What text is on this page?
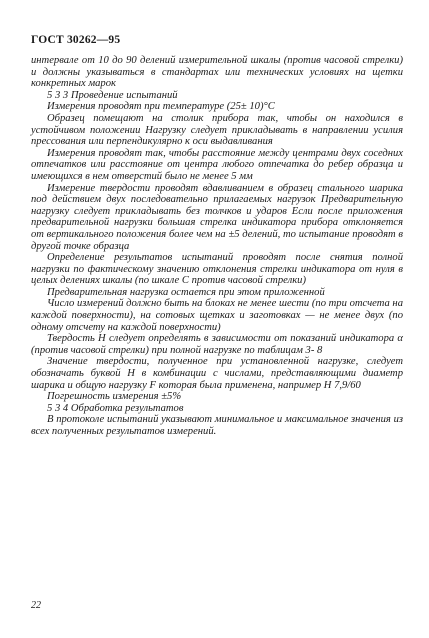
ГОСТ 30262—95

интервале от 10 до 90 делений измерительной шкалы (против часовой стрелки) и должны указываться в стандартах или технических условиях на щетки конкретных марок

5 3 3 Проведение испытаний

Измерения проводят при температуре (25± 10)°С

Образец помещают на столик прибора так, чтобы он находился в устойчивом положении Нагрузку следует прикладывать в направлении усилия прессования или перпендикулярно к оси выдавливания

Измерения проводят так, чтобы расстояние между центрами двух соседних отпечатков или расстояние от центра любого отпечатка до ребер образца и имеющихся в нем отверстий было не менее 5 мм

Измерение твердости проводят вдавливанием в образец стального шарика под действием двух последовательно прилагаемых нагрузок Предварительную нагрузку следует прикладывать без толчков и ударов Если после приложения предварительной нагрузки большая стрелка индикатора прибора отклоняется от вертикального положения более чем на ±5 делений, то испытание проводят в другой точке образца

Определение результатов испытаний проводят после снятия полной нагрузки по фактическому значению отклонения стрелки индикатора от нуля в целых делениях шкалы (по шкале С против часовой стрелки)

Предварительная нагрузка остается при этом приложенной

Число измерений должно быть на блоках не менее шести (по три отсчета на каждой поверхности), на сотовых щетках и заготовках — не менее двух (по одному отсчету на каждой поверхности)

Твердость Н следует определять в зависимости от показаний индикатора α (против часовой стрелки) при полной нагрузке по таблицам 3- 8

Значение твердости, полученное при установленной нагрузке, следует обозначать буквой Н в комбинации с числами, представляющими диаметр шарика и общую нагрузку F которая была применена, например Н 7,9/60

Погрешность измерения ±5%

5 3 4 Обработка результатов

В протоколе испытаний указывают минимальное и максимальное значения из всех полученных результатов измерений.

22
